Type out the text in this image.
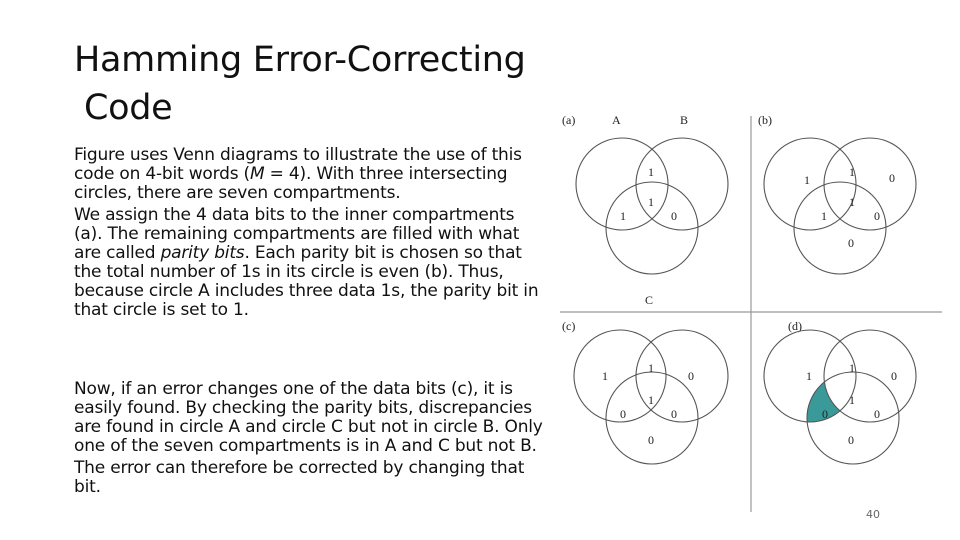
Hamming Error-Correcting
Code

Figure uses Venn diagrams to illustrate the use of this code on 4-bit words (M = 4). With three intersecting circles, there are seven compartments.

We assign the 4 data bits to the inner compartments (a). The remaining compartments are filled with what are called parity bits. Each parity bit is chosen so that the total number of 1s in its circle is even (b). Thus, because circle A includes three data 1s, the parity bit in that circle is set to 1.

Now, if an error changes one of the data bits (c), it is easily found. By checking the parity bits, discrepancies are found in circle A and circle C but not in circle B. Only one of the seven compartments is in A and C but not B.

The error can therefore be corrected by changing that bit.

(a)	A	B
1
1
1
0
C
(b)
1
1	0
1
1
0
0
(c)
1
1
0
0
1
0
0
(d)
1
1
0
0
1
0
0
40
